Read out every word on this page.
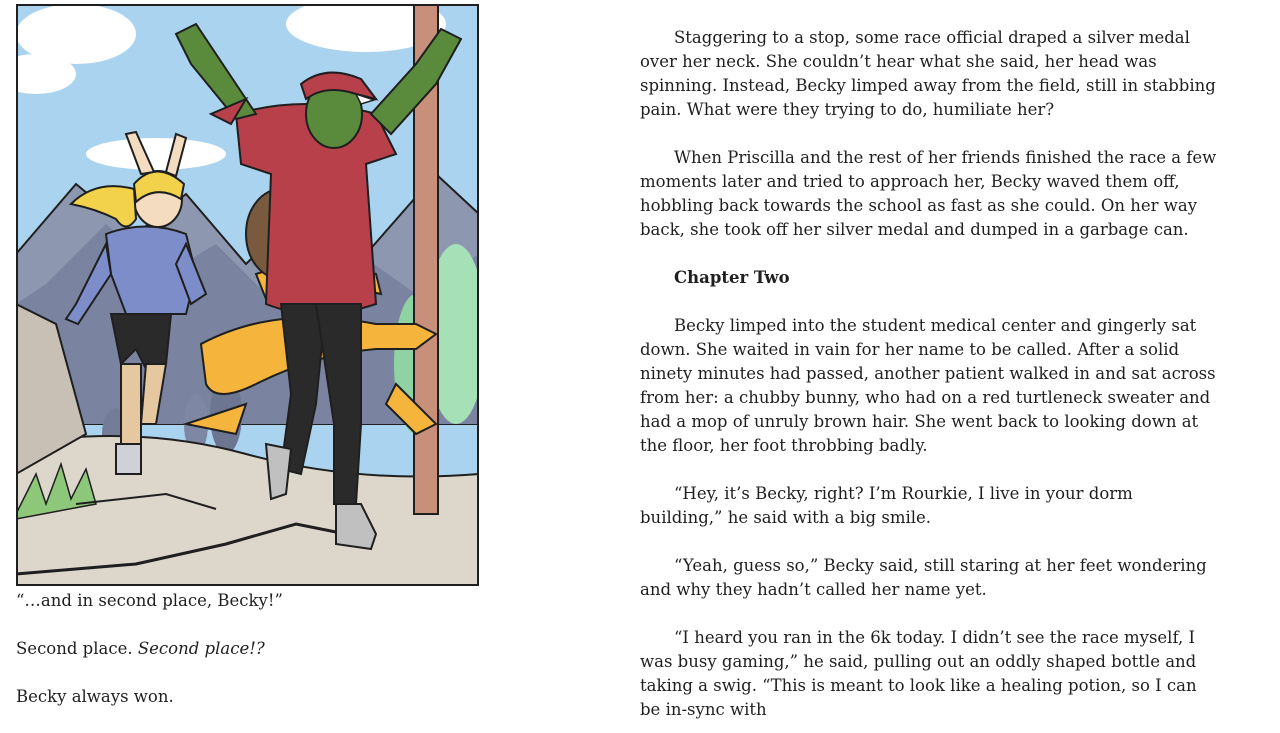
“…and in second place, Becky!”

Second place. Second place!?

Becky always won.

Staggering to a stop, some race official draped a silver medal over her neck. She couldn’t hear what she said, her head was spinning. Instead, Becky limped away from the field, still in stabbing pain. What were they trying to do, humiliate her?

When Priscilla and the rest of her friends finished the race a few moments later and tried to approach her, Becky waved them off, hobbling back towards the school as fast as she could. On her way back, she took off her silver medal and dumped in a garbage can.

Chapter Two

Becky limped into the student medical center and gingerly sat down. She waited in vain for her name to be called. After a solid ninety minutes had passed, another patient walked in and sat across from her: a chubby bunny, who had on a red turtleneck sweater and had a mop of unruly brown hair. She went back to looking down at the floor, her foot throbbing badly.

“Hey, it’s Becky, right? I’m Rourkie, I live in your dorm building,” he said with a big smile.

“Yeah, guess so,” Becky said, still staring at her feet wondering and why they hadn’t called her name yet.

“I heard you ran in the 6k today. I didn’t see the race myself, I was busy gaming,” he said, pulling out an oddly shaped bottle and taking a swig. “This is meant to look like a healing potion, so I can be in-sync with
